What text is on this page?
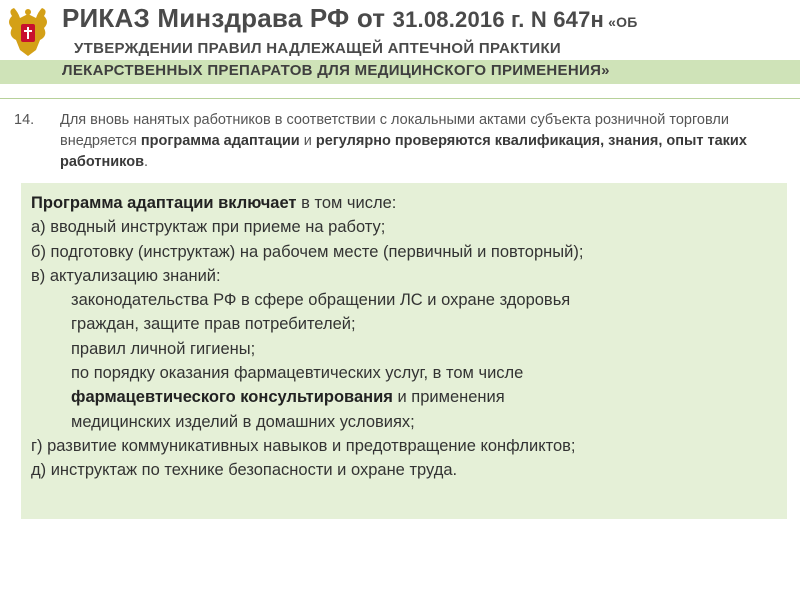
РИКАЗ Минздрава РФ от 31.08.2016 г. N 647н «ОБ
УТВЕРЖДЕНИИ ПРАВИЛ НАДЛЕЖАЩЕЙ АПТЕЧНОЙ ПРАКТИКИ
ЛЕКАРСТВЕННЫХ ПРЕПАРАТОВ ДЛЯ МЕДИЦИНСКОГО ПРИМЕНЕНИЯ»
14. Для вновь нанятых работников в соответствии с локальными актами субъекта розничной торговли внедряется программа адаптации и регулярно проверяются квалификация, знания, опыт таких работников.
Программа адаптации включает в том числе:
а) вводный инструктаж при приеме на работу;
б) подготовку (инструктаж) на рабочем месте (первичный и повторный);
в) актуализацию знаний:
законодательства РФ в сфере обращении ЛС и охране здоровья
граждан, защите прав потребителей;
правил личной гигиены;
по порядку оказания фармацевтических услуг, в том числе
фармацевтического консультирования и применения
медицинских изделий в домашних условиях;
г) развитие коммуникативных навыков и предотвращение конфликтов;
д) инструктаж по технике безопасности и охране труда.
